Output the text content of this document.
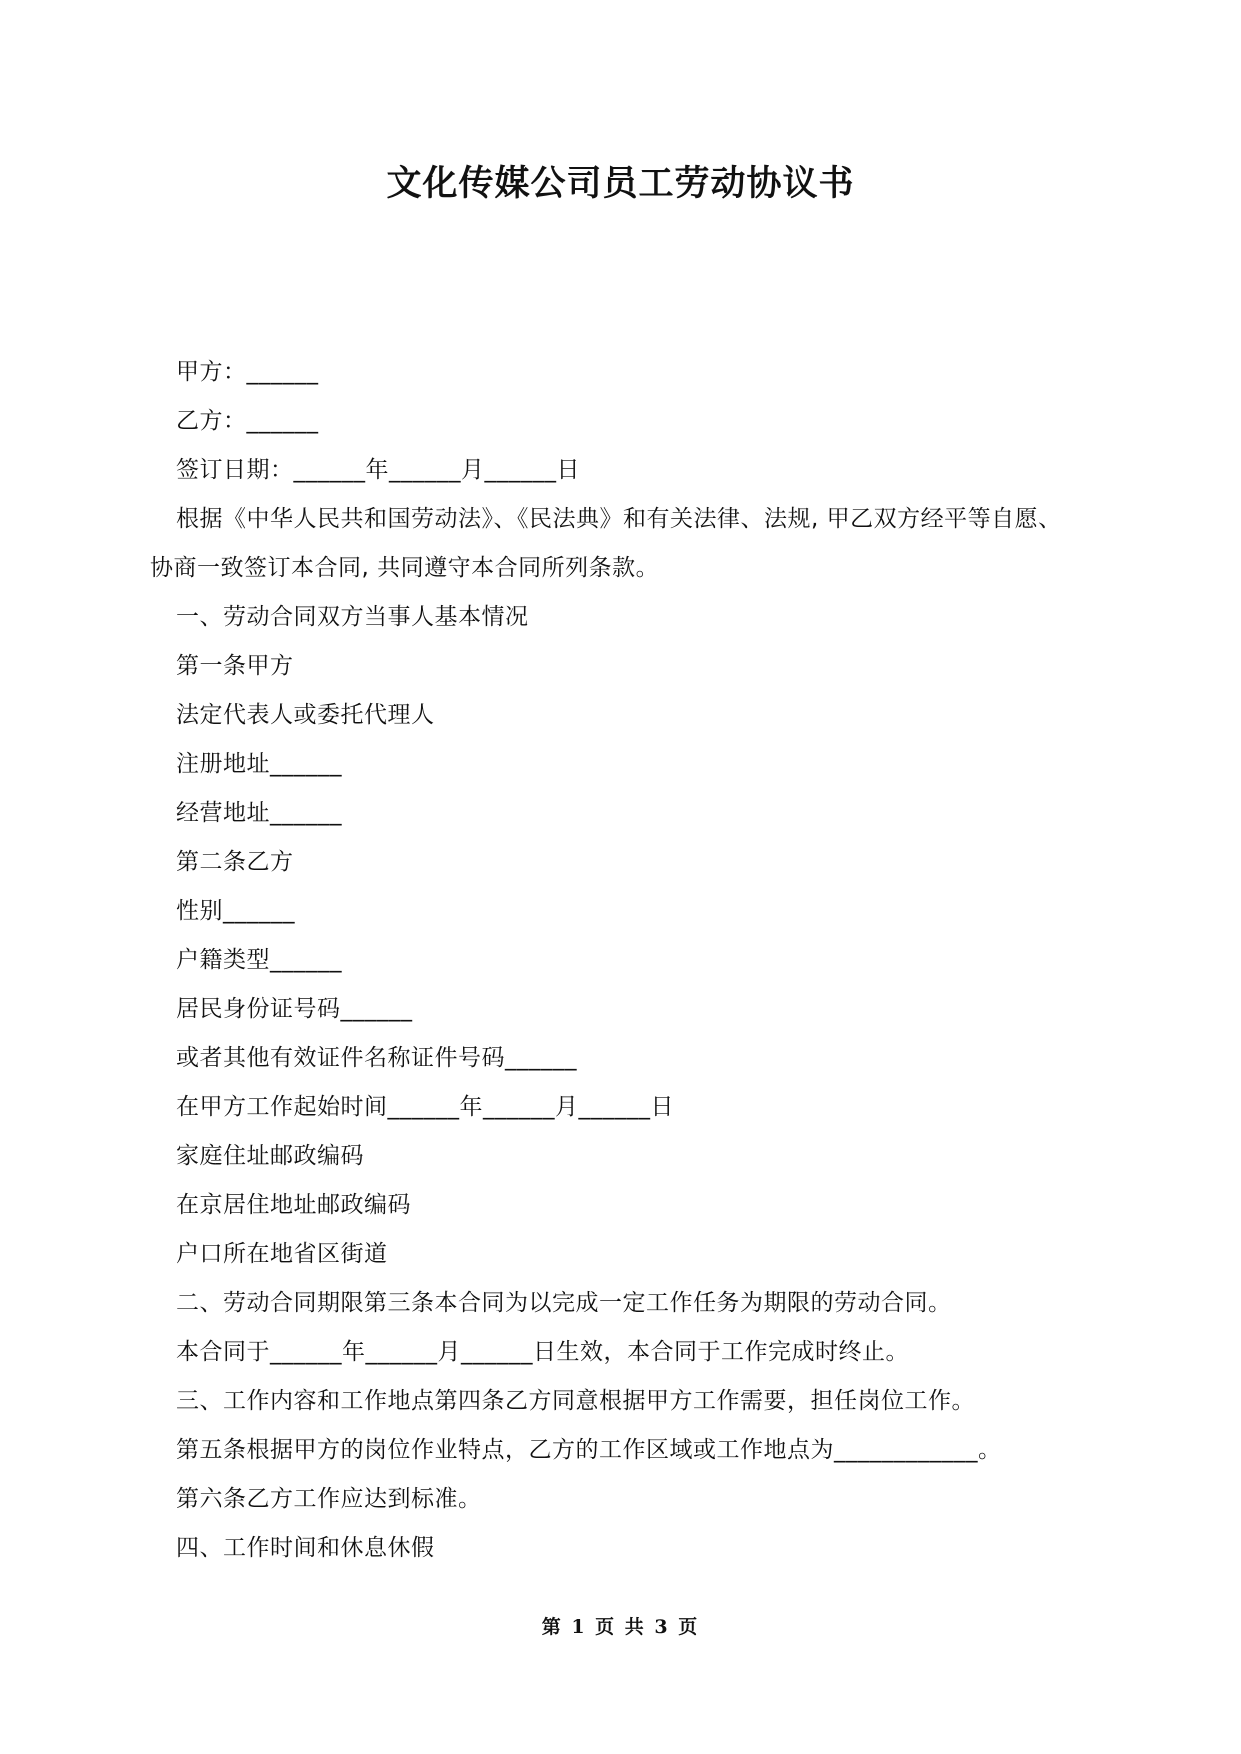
文化传媒公司员工劳动协议书

甲方：______

乙方：______

签订日期：______年______月______日

根据《中华人民共和国劳动法》、《民法典》和有关法律、法规, 甲乙双方经平等自愿、

协商一致签订本合同, 共同遵守本合同所列条款。

一、劳动合同双方当事人基本情况

第一条甲方

法定代表人或委托代理人

注册地址______

经营地址______

第二条乙方

性别______

户籍类型______

居民身份证号码______

或者其他有效证件名称证件号码______

在甲方工作起始时间______年______月______日

家庭住址邮政编码

在京居住地址邮政编码

户口所在地省区街道

二、劳动合同期限第三条本合同为以完成一定工作任务为期限的劳动合同。

本合同于______年______月______日生效，本合同于工作完成时终止。

三、工作内容和工作地点第四条乙方同意根据甲方工作需要，担任岗位工作。

第五条根据甲方的岗位作业特点，乙方的工作区域或工作地点为____________。

第六条乙方工作应达到标准。

四、工作时间和休息休假

第 1 页 共 3 页
